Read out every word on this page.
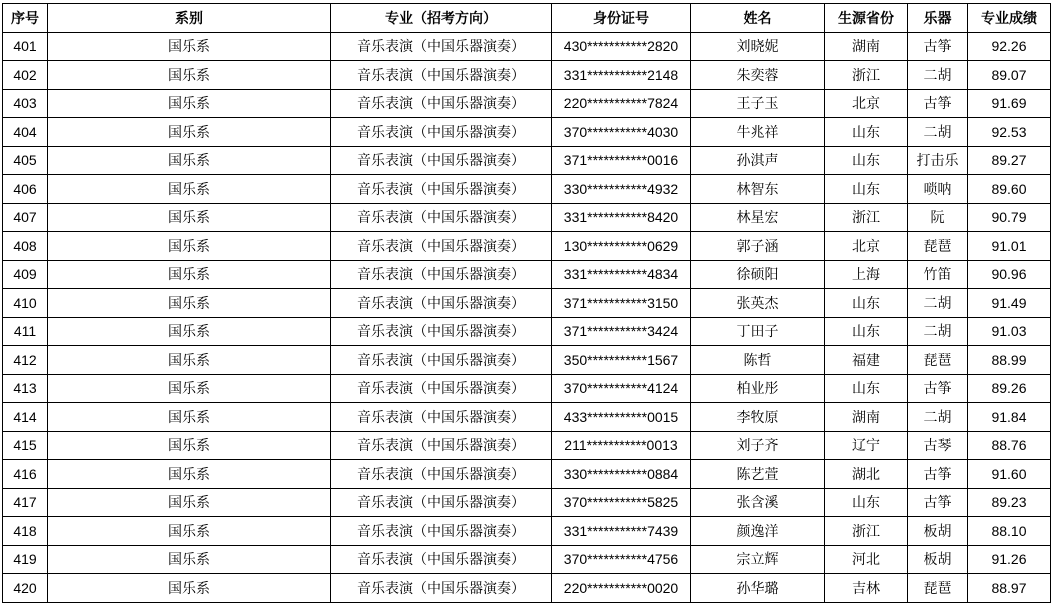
序号	系别	专业（招考方向）	身份证号	姓名	生源省份	乐器	专业成绩
401	国乐系	音乐表演（中国乐器演奏）	430***********2820	刘晓妮	湖南	古筝	92.26
402	国乐系	音乐表演（中国乐器演奏）	331***********2148	朱奕蓉	浙江	二胡	89.07
403	国乐系	音乐表演（中国乐器演奏）	220***********7824	王子玉	北京	古筝	91.69
404	国乐系	音乐表演（中国乐器演奏）	370***********4030	牛兆祥	山东	二胡	92.53
405	国乐系	音乐表演（中国乐器演奏）	371***********0016	孙淇声	山东	打击乐	89.27
406	国乐系	音乐表演（中国乐器演奏）	330***********4932	林智东	山东	唢呐	89.60
407	国乐系	音乐表演（中国乐器演奏）	331***********8420	林星宏	浙江	阮	90.79
408	国乐系	音乐表演（中国乐器演奏）	130***********0629	郭子涵	北京	琵琶	91.01
409	国乐系	音乐表演（中国乐器演奏）	331***********4834	徐硕阳	上海	竹笛	90.96
410	国乐系	音乐表演（中国乐器演奏）	371***********3150	张英杰	山东	二胡	91.49
411	国乐系	音乐表演（中国乐器演奏）	371***********3424	丁田子	山东	二胡	91.03
412	国乐系	音乐表演（中国乐器演奏）	350***********1567	陈哲	福建	琵琶	88.99
413	国乐系	音乐表演（中国乐器演奏）	370***********4124	柏业彤	山东	古筝	89.26
414	国乐系	音乐表演（中国乐器演奏）	433***********0015	李牧原	湖南	二胡	91.84
415	国乐系	音乐表演（中国乐器演奏）	211***********0013	刘子齐	辽宁	古琴	88.76
416	国乐系	音乐表演（中国乐器演奏）	330***********0884	陈艺萱	湖北	古筝	91.60
417	国乐系	音乐表演（中国乐器演奏）	370***********5825	张含溪	山东	古筝	89.23
418	国乐系	音乐表演（中国乐器演奏）	331***********7439	颜逸洋	浙江	板胡	88.10
419	国乐系	音乐表演（中国乐器演奏）	370***********4756	宗立辉	河北	板胡	91.26
420	国乐系	音乐表演（中国乐器演奏）	220***********0020	孙华璐	吉林	琵琶	88.97
